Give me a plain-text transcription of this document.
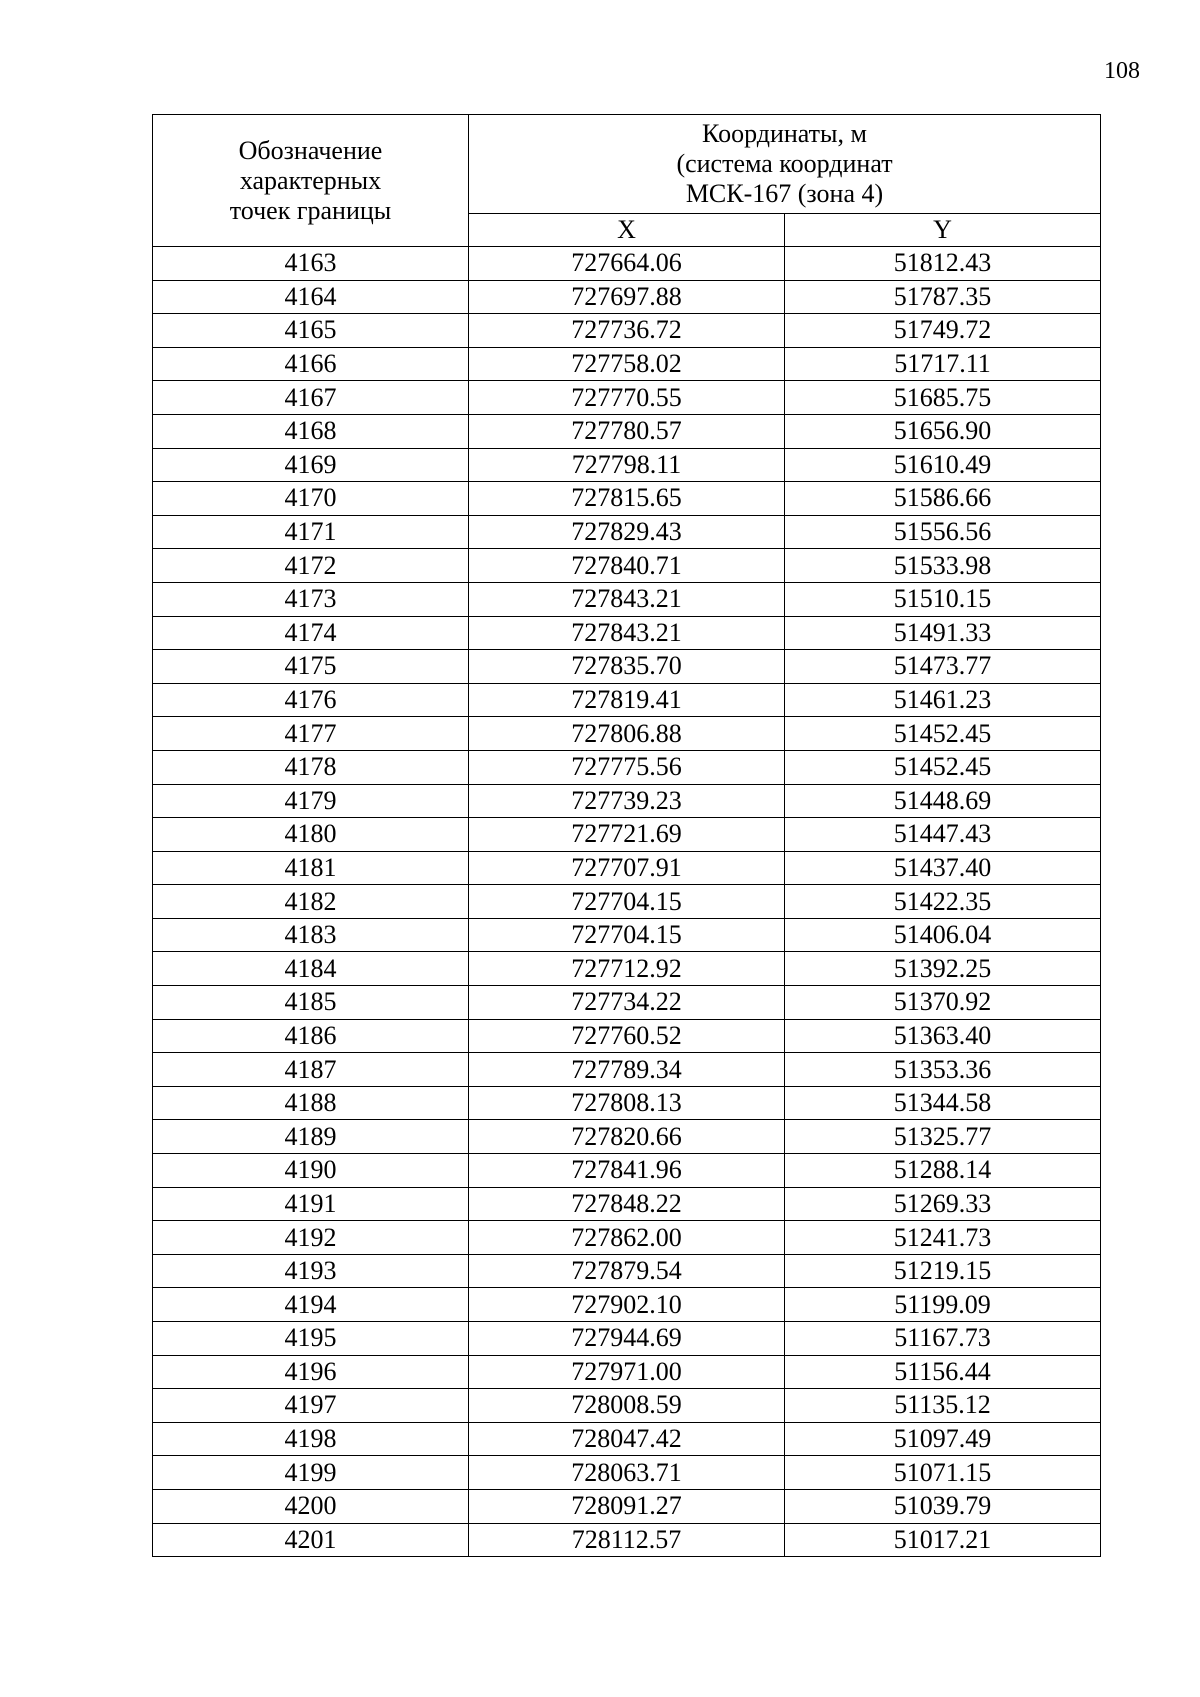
108
Обозначение
характерных
точек границы	Координаты, м
(система координат
МСК-167 (зона 4)	

	X	Y
4163	727664.06	51812.43
4164	727697.88	51787.35
4165	727736.72	51749.72
4166	727758.02	51717.11
4167	727770.55	51685.75
4168	727780.57	51656.90
4169	727798.11	51610.49
4170	727815.65	51586.66
4171	727829.43	51556.56
4172	727840.71	51533.98
4173	727843.21	51510.15
4174	727843.21	51491.33
4175	727835.70	51473.77
4176	727819.41	51461.23
4177	727806.88	51452.45
4178	727775.56	51452.45
4179	727739.23	51448.69
4180	727721.69	51447.43
4181	727707.91	51437.40
4182	727704.15	51422.35
4183	727704.15	51406.04
4184	727712.92	51392.25
4185	727734.22	51370.92
4186	727760.52	51363.40
4187	727789.34	51353.36
4188	727808.13	51344.58
4189	727820.66	51325.77
4190	727841.96	51288.14
4191	727848.22	51269.33
4192	727862.00	51241.73
4193	727879.54	51219.15
4194	727902.10	51199.09
4195	727944.69	51167.73
4196	727971.00	51156.44
4197	728008.59	51135.12
4198	728047.42	51097.49
4199	728063.71	51071.15
4200	728091.27	51039.79
4201	728112.57	51017.21
